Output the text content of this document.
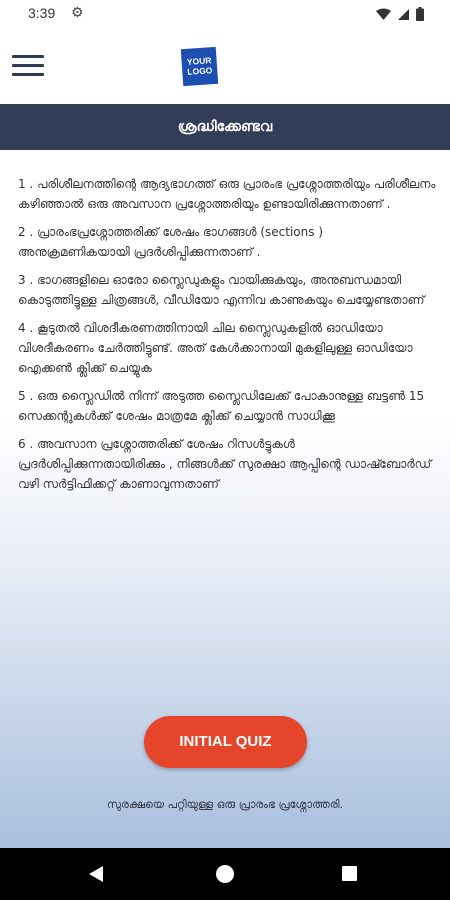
3:39 ⚙
YOUR
LOGO
ശ്രദ്ധിക്കേണ്ടവ

1 . പരിശീലനത്തിന്റെ ആദ്യഭാഗത്ത് ഒരു പ്രാരംഭ പ്രശ്നോത്തരിയും പരിശീലനം കഴിഞ്ഞാൽ ഒരു അവസാന പ്രശ്നോത്തരിയും ഉണ്ടായിരിക്കുന്നതാണ് .

2 . പ്രാരംഭപ്രശ്നോത്തരിക്ക് ശേഷം ഭാഗങ്ങൾ (sections ) അനുക്രമണികയായി പ്രദർശിപ്പിക്കുന്നതാണ് .

3 . ഭാഗങ്ങളിലെ ഓരോ സ്ലൈഡുകളും വായിക്കുകയും, അനുബന്ധമായി കൊടുത്തിട്ടുള്ള ചിത്രങ്ങൾ, വീഡിയോ എന്നിവ കാണുകയും ചെയ്യേണ്ടതാണ്

4 . കൂടുതൽ വിശദീകരണത്തിനായി ചില സ്ലൈഡുകളിൽ ഓഡിയോ വിശദീകരണം ചേർത്തിട്ടുണ്ട്. അത് കേൾക്കാനായി മുകളിലുള്ള ഓഡിയോ ഐക്കൺ ക്ലിക്ക് ചെയ്യുക

5 . ഒരു സ്ലൈഡിൽ നിന്ന് അടുത്ത സ്ലൈഡിലേക്ക് പോകാനുള്ള ബട്ടൺ 15 സെക്കന്റുകൾക്ക് ശേഷം മാത്രമേ ക്ലിക്ക് ചെയ്യാൻ സാധിക്കൂ

6 . അവസാന പ്രശ്നോത്തരിക്ക് ശേഷം റിസൾട്ടുകൾ പ്രദർശിപ്പിക്കുന്നതായിരിക്കും , നിങ്ങൾക്ക് സുരക്ഷാ ആപ്പിന്റെ ഡാഷ്ബോർഡ് വഴി സർട്ടിഫിക്കറ്റ് കാണാവുന്നതാണ്

INITIAL QUIZ
സുരക്ഷയെ പറ്റിയുള്ള ഒരു പ്രാരംഭ പ്രശ്നോത്തരി.
